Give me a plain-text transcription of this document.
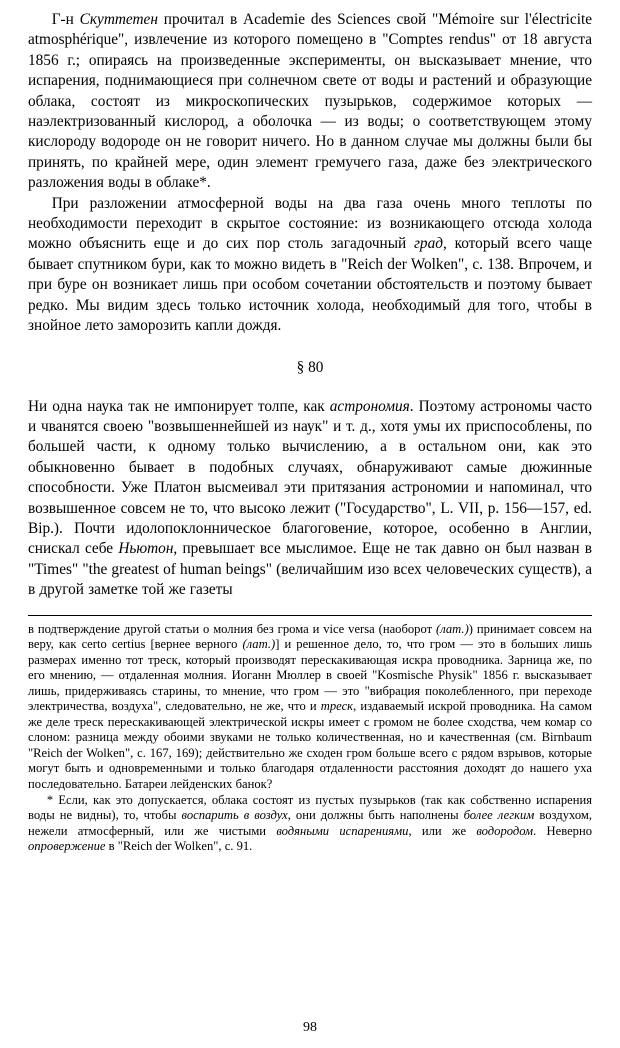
Г-н Скуттетен прочитал в Academie des Sciences свой "Mémoire sur l'électricite atmosphérique", извлечение из которого помещено в "Comptes rendus" от 18 августа 1856 г.; опираясь на произведенные эксперименты, он высказывает мнение, что испарения, поднимающиеся при солнечном свете от воды и растений и образующие облака, состоят из микроскопических пузырьков, содержимое которых — наэлектризованный кислород, а оболочка — из воды; о соответствующем этому кислороду водороде он не говорит ничего. Но в данном случае мы должны были бы принять, по крайней мере, один элемент гремучего газа, даже без электрического разложения воды в облаке*.

При разложении атмосферной воды на два газа очень много теплоты по необходимости переходит в скрытое состояние: из возникающего отсюда холода можно объяснить еще и до сих пор столь загадочный град, который всего чаще бывает спутником бури, как то можно видеть в "Reich der Wolken", с. 138. Впрочем, и при буре он возникает лишь при особом сочетании обстоятельств и поэтому бывает редко. Мы видим здесь только источник холода, необходимый для того, чтобы в знойное лето заморозить капли дождя.

§ 80

Ни одна наука так не импонирует толпе, как астрономия. Поэтому астрономы часто и чванятся своею "возвышеннейшей из наук" и т. д., хотя умы их приспособлены, по большей части, к одному только вычислению, а в остальном они, как это обыкновенно бывает в подобных случаях, обнаруживают самые дюжинные способности. Уже Платон высмеивал эти притязания астрономии и напоминал, что возвышенное совсем не то, что высоко лежит ("Государство", L. VII, p. 156—157, ed. Bip.). Почти идолопоклонническое благоговение, которое, особенно в Англии, снискал себе Ньютон, превышает все мыслимое. Еще не так давно он был назван в "Times" "the greatest of human beings" (величайшим изо всех человеческих существ), а в другой заметке той же газеты

в подтверждение другой статьи о молния без грома и vice versa (наоборот (лат.)) принимает совсем на веру, как certo certius [вернее верного (лат.)] и решенное дело, то, что гром — это в больших лишь размерах именно тот треск, который производят перескакивающая искра проводника. Зарница же, по его мнению, — отдаленная молния. Иоганн Мюллер в своей "Kosmische Physik" 1856 г. высказывает лишь, придерживаясь старины, то мнение, что гром — это "вибрация поколебленного, при переходе электричества, воздуха", следовательно, не же, что и треск, издаваемый искрой проводника. На самом же деле треск перескакивающей электрической искры имеет с громом не более сходства, чем комар со слоном: разница между обоими звуками не только количественная, но и качественная (см. Birnbaum "Reich der Wolken", с. 167, 169); действительно же сходен гром больше всего с рядом взрывов, которые могут быть и одновременными и только благодаря отдаленности расстояния доходят до нашего уха последовательно. Батареи лейденских банок?

* Если, как это допускается, облака состоят из пустых пузырьков (так как собственно испарения воды не видны), то, чтобы воспарить в воздух, они должны быть наполнены более легким воздухом, нежели атмосферный, или же чистыми водяными испарениями, или же водородом. Неверно опровержение в "Reich der Wolken", с. 91.

98
